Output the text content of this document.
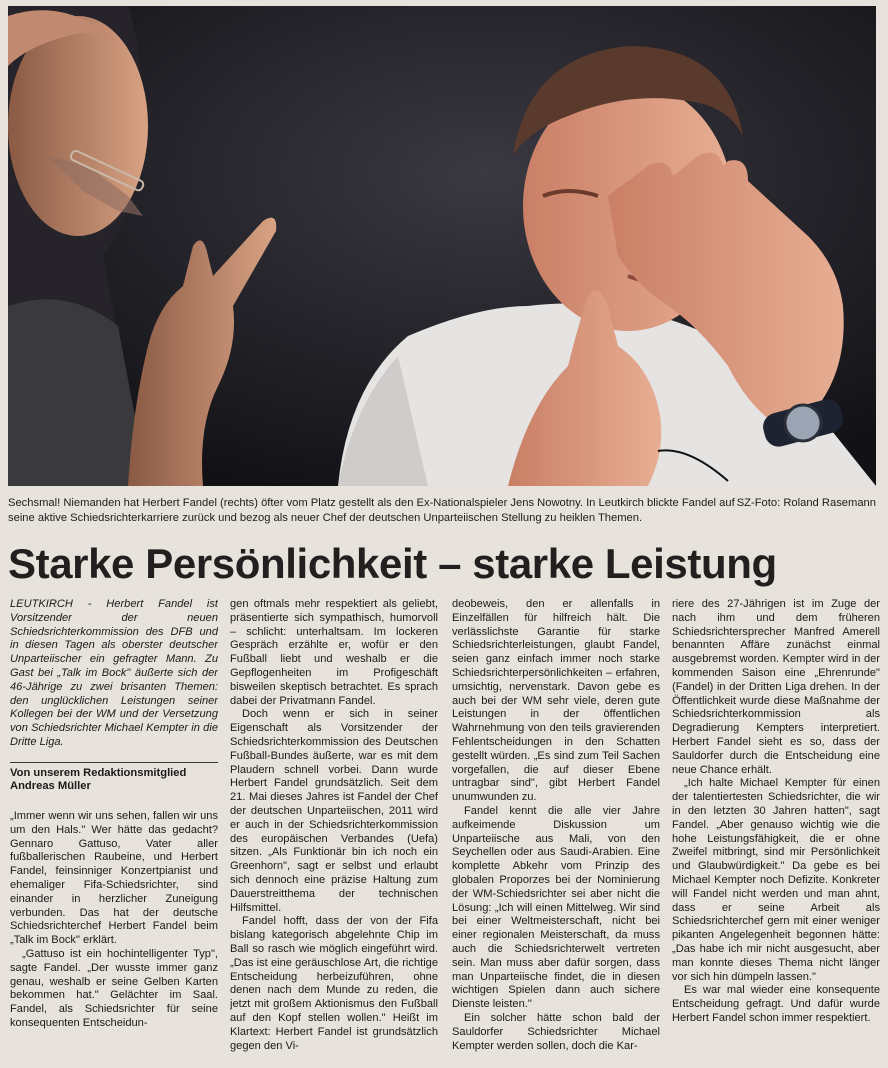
SZ-Foto: Roland Rasemann
Sechsmal! Niemanden hat Herbert Fandel (rechts) öfter vom Platz gestellt als den Ex-Nationalspieler Jens Nowotny. In Leutkirch blickte Fandel auf seine aktive Schiedsrichterkarriere zurück und bezog als neuer Chef der deutschen Unparteiischen Stellung zu heiklen Themen.
Starke Persönlichkeit – starke Leistung

LEUTKIRCH - Herbert Fandel ist Vorsitzender der neuen Schiedsrichterkommission des DFB und in diesen Tagen als oberster deutscher Unparteiischer ein gefragter Mann. Zu Gast bei „Talk im Bock" äußerte sich der 46-Jährige zu zwei brisanten Themen: den unglücklichen Leistungen seiner Kollegen bei der WM und der Versetzung von Schiedsrichter Michael Kempter in die Dritte Liga.

Von unserem Redaktionsmitglied
Andreas Müller

„Immer wenn wir uns sehen, fallen wir uns um den Hals." Wer hätte das gedacht? Gennaro Gattuso, Vater aller fußballerischen Raubeine, und Herbert Fandel, feinsinniger Konzertpianist und ehemaliger Fifa-Schiedsrichter, sind einander in herzlicher Zuneigung verbunden. Das hat der deutsche Schiedsrichterchef Herbert Fandel beim „Talk im Bock" erklärt.

„Gattuso ist ein hochintelligenter Typ", sagte Fandel. „Der wusste immer ganz genau, weshalb er seine Gelben Karten bekommen hat." Gelächter im Saal. Fandel, als Schiedsrichter für seine konsequenten Entscheidun-

gen oftmals mehr respektiert als geliebt, präsentierte sich sympathisch, humorvoll – schlicht: unterhaltsam. Im lockeren Gespräch erzählte er, wofür er den Fußball liebt und weshalb er die Gepflogenheiten im Profigeschäft bisweilen skeptisch betrachtet. Es sprach dabei der Privatmann Fandel.

Doch wenn er sich in seiner Eigenschaft als Vorsitzender der Schiedsrichterkommission des Deutschen Fußball-Bundes äußerte, war es mit dem Plaudern schnell vorbei. Dann wurde Herbert Fandel grundsätzlich. Seit dem 21. Mai dieses Jahres ist Fandel der Chef der deutschen Unparteiischen, 2011 wird er auch in der Schiedsrichterkommission des europäischen Verbandes (Uefa) sitzen. „Als Funktionär bin ich noch ein Greenhorn", sagt er selbst und erlaubt sich dennoch eine präzise Haltung zum Dauerstreitthema der technischen Hilfsmittel.

Fandel hofft, dass der von der Fifa bislang kategorisch abgelehnte Chip im Ball so rasch wie möglich eingeführt wird. „Das ist eine geräuschlose Art, die richtige Entscheidung herbeizuführen, ohne denen nach dem Munde zu reden, die jetzt mit großem Aktionismus den Fußball auf den Kopf stellen wollen." Heißt im Klartext: Herbert Fandel ist grundsätzlich gegen den Vi-

deobeweis, den er allenfalls in Einzelfällen für hilfreich hält. Die verlässlichste Garantie für starke Schiedsrichterleistungen, glaubt Fandel, seien ganz einfach immer noch starke Schiedsrichterpersönlichkeiten – erfahren, umsichtig, nervenstark. Davon gebe es auch bei der WM sehr viele, deren gute Leistungen in der öffentlichen Wahrnehmung von den teils gravierenden Fehlentscheidungen in den Schatten gestellt würden. „Es sind zum Teil Sachen vorgefallen, die auf dieser Ebene untragbar sind", gibt Herbert Fandel unumwunden zu.

Fandel kennt die alle vier Jahre aufkeimende Diskussion um Unparteiische aus Mali, von den Seychellen oder aus Saudi-Arabien. Eine komplette Abkehr vom Prinzip des globalen Proporzes bei der Nominierung der WM-Schiedsrichter sei aber nicht die Lösung: „Ich will einen Mittelweg. Wir sind bei einer Weltmeisterschaft, nicht bei einer regionalen Meisterschaft, da muss auch die Schiedsrichterwelt vertreten sein. Man muss aber dafür sorgen, dass man Unparteiische findet, die in diesen wichtigen Spielen dann auch sichere Dienste leisten."

Ein solcher hätte schon bald der Sauldorfer Schiedsrichter Michael Kempter werden sollen, doch die Kar-

riere des 27-Jährigen ist im Zuge der nach ihm und dem früheren Schiedsrichtersprecher Manfred Amerell benannten Affäre zunächst einmal ausgebremst worden. Kempter wird in der kommenden Saison eine „Ehrenrunde" (Fandel) in der Dritten Liga drehen. In der Öffentlichkeit wurde diese Maßnahme der Schiedsrichterkommission als Degradierung Kempters interpretiert. Herbert Fandel sieht es so, dass der Sauldorfer durch die Entscheidung eine neue Chance erhält.

„Ich halte Michael Kempter für einen der talentiertesten Schiedsrichter, die wir in den letzten 30 Jahren hatten", sagt Fandel. „Aber genauso wichtig wie die hohe Leistungsfähigkeit, die er ohne Zweifel mitbringt, sind mir Persönlichkeit und Glaubwürdigkeit." Da gebe es bei Michael Kempter noch Defizite. Konkreter will Fandel nicht werden und man ahnt, dass er seine Arbeit als Schiedsrichterchef gern mit einer weniger pikanten Angelegenheit begonnen hätte: „Das habe ich mir nicht ausgesucht, aber man konnte dieses Thema nicht länger vor sich hin dümpeln lassen."

Es war mal wieder eine konsequente Entscheidung gefragt. Und dafür wurde Herbert Fandel schon immer respektiert.
